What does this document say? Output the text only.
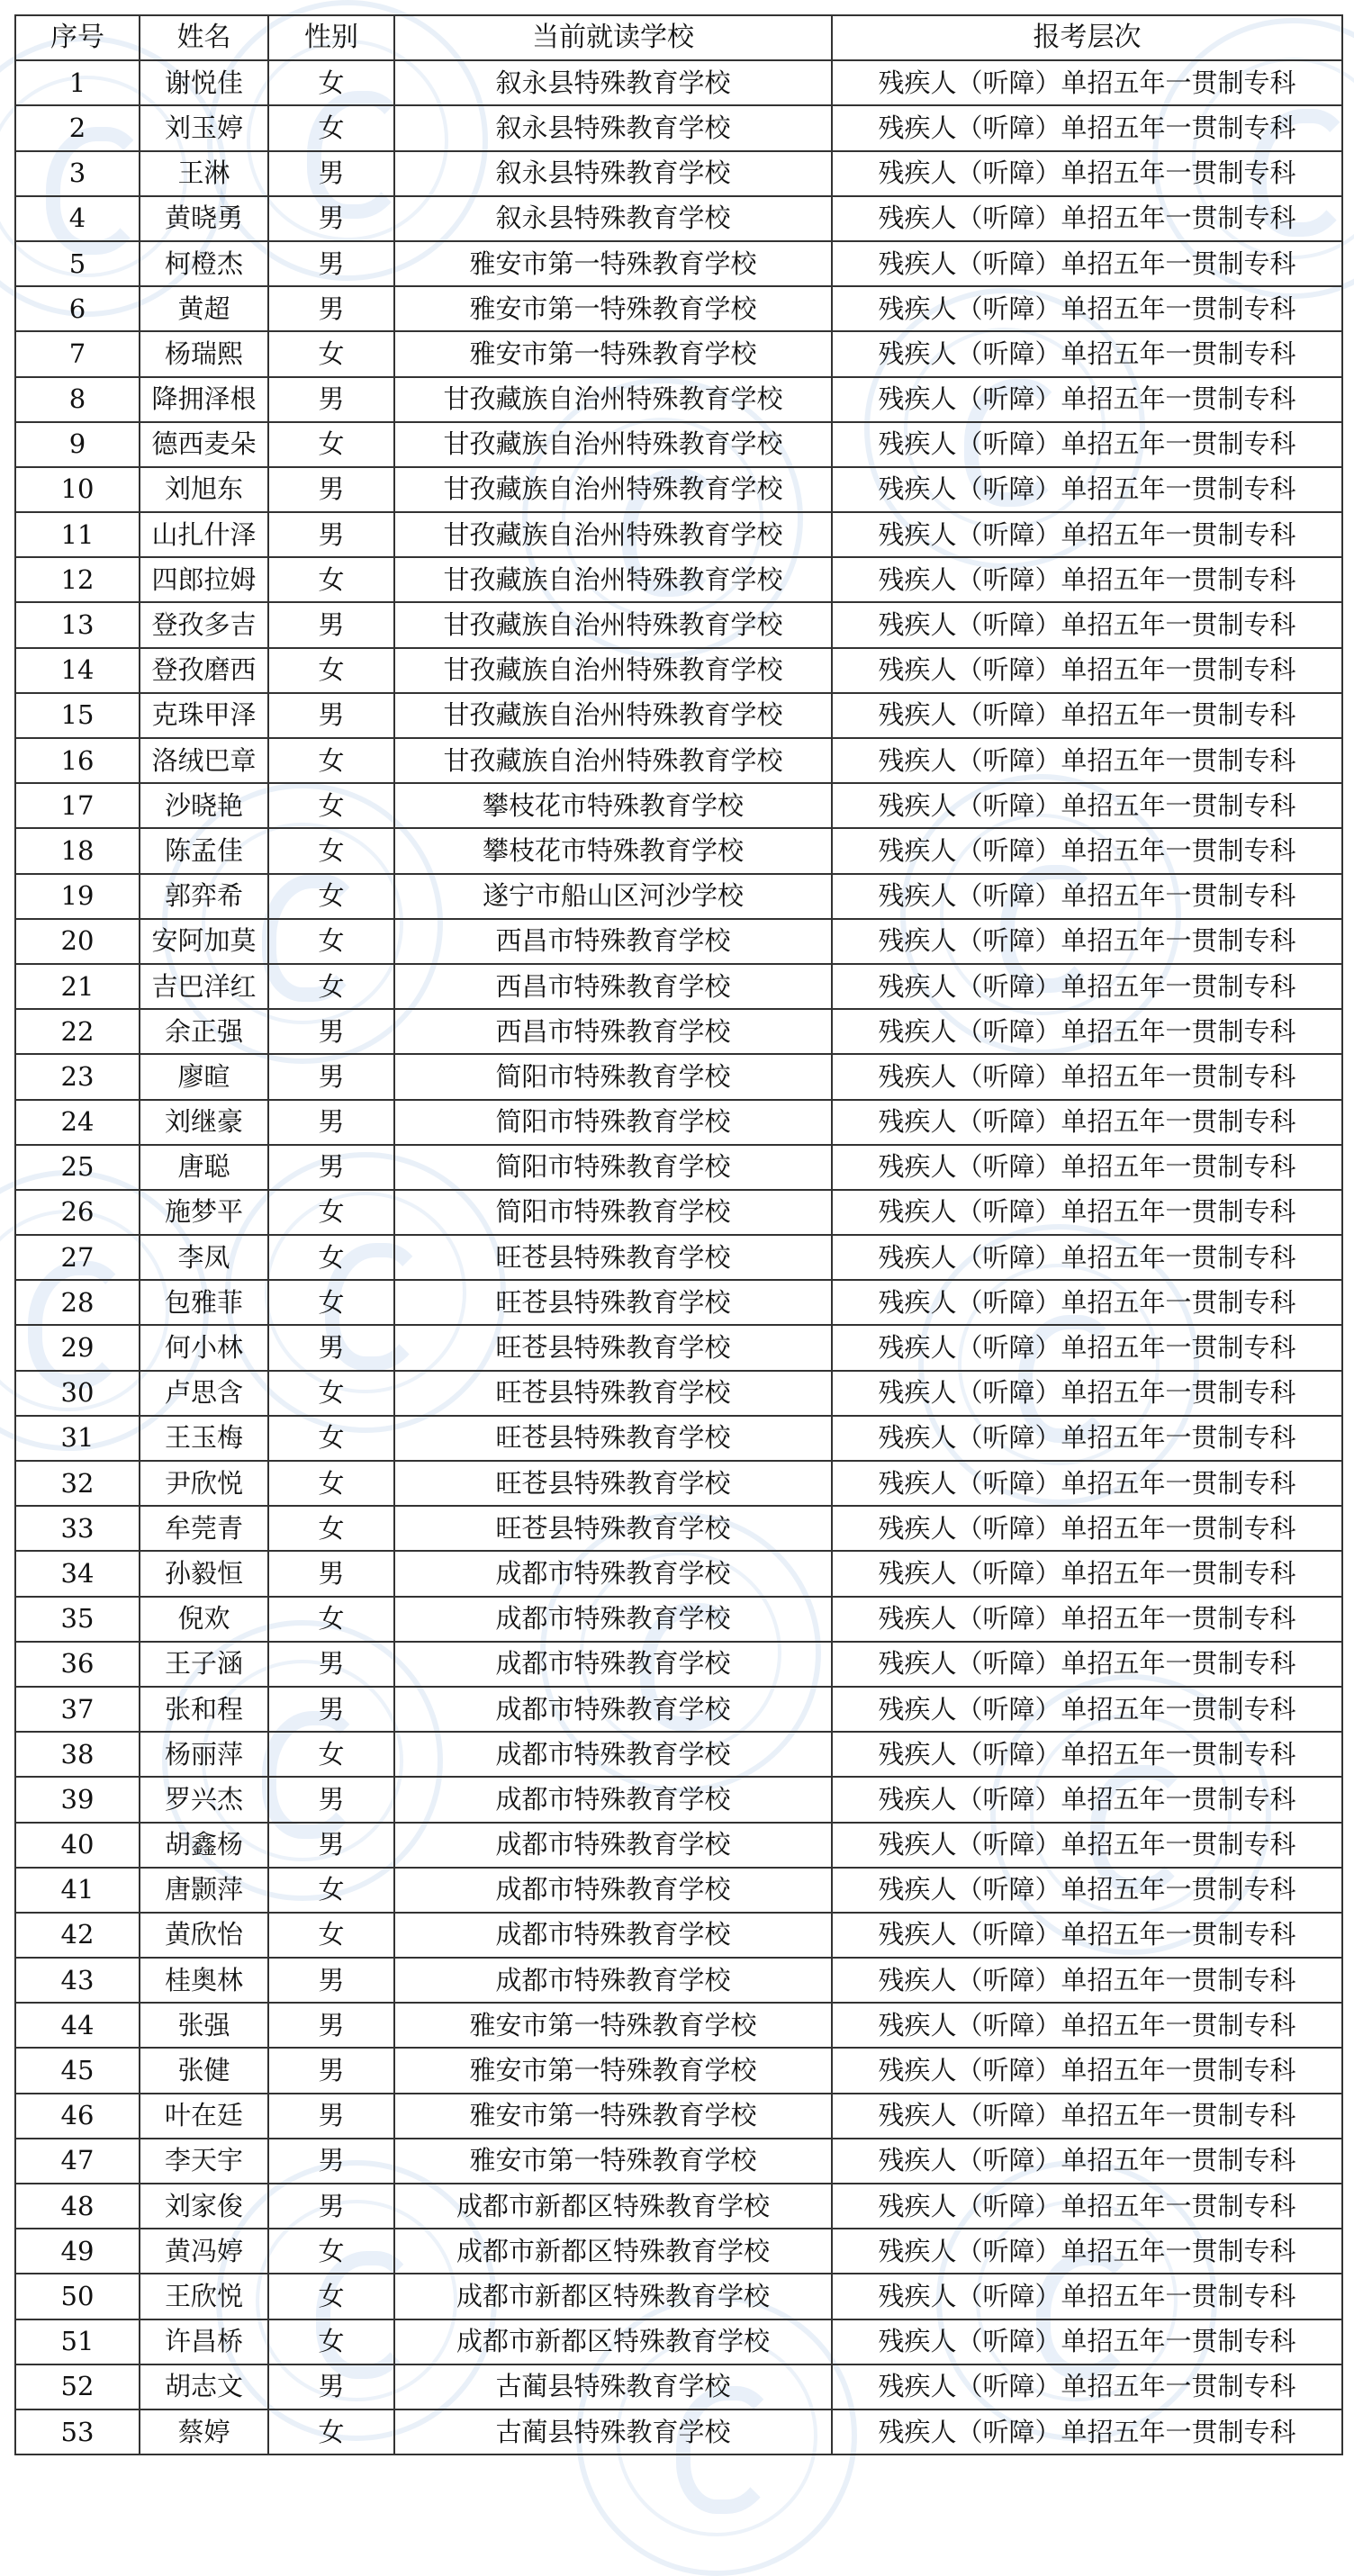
序号	姓名	性别	当前就读学校	报考层次
1	谢悦佳	女	叙永县特殊教育学校	残疾人（听障）单招五年一贯制专科
2	刘玉婷	女	叙永县特殊教育学校	残疾人（听障）单招五年一贯制专科
3	王淋	男	叙永县特殊教育学校	残疾人（听障）单招五年一贯制专科
4	黄晓勇	男	叙永县特殊教育学校	残疾人（听障）单招五年一贯制专科
5	柯橙杰	男	雅安市第一特殊教育学校	残疾人（听障）单招五年一贯制专科
6	黄超	男	雅安市第一特殊教育学校	残疾人（听障）单招五年一贯制专科
7	杨瑞熙	女	雅安市第一特殊教育学校	残疾人（听障）单招五年一贯制专科
8	降拥泽根	男	甘孜藏族自治州特殊教育学校	残疾人（听障）单招五年一贯制专科
9	德西麦朵	女	甘孜藏族自治州特殊教育学校	残疾人（听障）单招五年一贯制专科
10	刘旭东	男	甘孜藏族自治州特殊教育学校	残疾人（听障）单招五年一贯制专科
11	山扎什泽	男	甘孜藏族自治州特殊教育学校	残疾人（听障）单招五年一贯制专科
12	四郎拉姆	女	甘孜藏族自治州特殊教育学校	残疾人（听障）单招五年一贯制专科
13	登孜多吉	男	甘孜藏族自治州特殊教育学校	残疾人（听障）单招五年一贯制专科
14	登孜磨西	女	甘孜藏族自治州特殊教育学校	残疾人（听障）单招五年一贯制专科
15	克珠甲泽	男	甘孜藏族自治州特殊教育学校	残疾人（听障）单招五年一贯制专科
16	洛绒巴章	女	甘孜藏族自治州特殊教育学校	残疾人（听障）单招五年一贯制专科
17	沙晓艳	女	攀枝花市特殊教育学校	残疾人（听障）单招五年一贯制专科
18	陈孟佳	女	攀枝花市特殊教育学校	残疾人（听障）单招五年一贯制专科
19	郭弈希	女	遂宁市船山区河沙学校	残疾人（听障）单招五年一贯制专科
20	安阿加莫	女	西昌市特殊教育学校	残疾人（听障）单招五年一贯制专科
21	吉巴洋红	女	西昌市特殊教育学校	残疾人（听障）单招五年一贯制专科
22	余正强	男	西昌市特殊教育学校	残疾人（听障）单招五年一贯制专科
23	廖暄	男	简阳市特殊教育学校	残疾人（听障）单招五年一贯制专科
24	刘继豪	男	简阳市特殊教育学校	残疾人（听障）单招五年一贯制专科
25	唐聪	男	简阳市特殊教育学校	残疾人（听障）单招五年一贯制专科
26	施梦平	女	简阳市特殊教育学校	残疾人（听障）单招五年一贯制专科
27	李凤	女	旺苍县特殊教育学校	残疾人（听障）单招五年一贯制专科
28	包雅菲	女	旺苍县特殊教育学校	残疾人（听障）单招五年一贯制专科
29	何小林	男	旺苍县特殊教育学校	残疾人（听障）单招五年一贯制专科
30	卢思含	女	旺苍县特殊教育学校	残疾人（听障）单招五年一贯制专科
31	王玉梅	女	旺苍县特殊教育学校	残疾人（听障）单招五年一贯制专科
32	尹欣悦	女	旺苍县特殊教育学校	残疾人（听障）单招五年一贯制专科
33	牟莞青	女	旺苍县特殊教育学校	残疾人（听障）单招五年一贯制专科
34	孙毅恒	男	成都市特殊教育学校	残疾人（听障）单招五年一贯制专科
35	倪欢	女	成都市特殊教育学校	残疾人（听障）单招五年一贯制专科
36	王子涵	男	成都市特殊教育学校	残疾人（听障）单招五年一贯制专科
37	张和程	男	成都市特殊教育学校	残疾人（听障）单招五年一贯制专科
38	杨丽萍	女	成都市特殊教育学校	残疾人（听障）单招五年一贯制专科
39	罗兴杰	男	成都市特殊教育学校	残疾人（听障）单招五年一贯制专科
40	胡鑫杨	男	成都市特殊教育学校	残疾人（听障）单招五年一贯制专科
41	唐颢萍	女	成都市特殊教育学校	残疾人（听障）单招五年一贯制专科
42	黄欣怡	女	成都市特殊教育学校	残疾人（听障）单招五年一贯制专科
43	桂奥林	男	成都市特殊教育学校	残疾人（听障）单招五年一贯制专科
44	张强	男	雅安市第一特殊教育学校	残疾人（听障）单招五年一贯制专科
45	张健	男	雅安市第一特殊教育学校	残疾人（听障）单招五年一贯制专科
46	叶在廷	男	雅安市第一特殊教育学校	残疾人（听障）单招五年一贯制专科
47	李天宇	男	雅安市第一特殊教育学校	残疾人（听障）单招五年一贯制专科
48	刘家俊	男	成都市新都区特殊教育学校	残疾人（听障）单招五年一贯制专科
49	黄冯婷	女	成都市新都区特殊教育学校	残疾人（听障）单招五年一贯制专科
50	王欣悦	女	成都市新都区特殊教育学校	残疾人（听障）单招五年一贯制专科
51	许昌桥	女	成都市新都区特殊教育学校	残疾人（听障）单招五年一贯制专科
52	胡志文	男	古蔺县特殊教育学校	残疾人（听障）单招五年一贯制专科
53	蔡婷	女	古蔺县特殊教育学校	残疾人（听障）单招五年一贯制专科
